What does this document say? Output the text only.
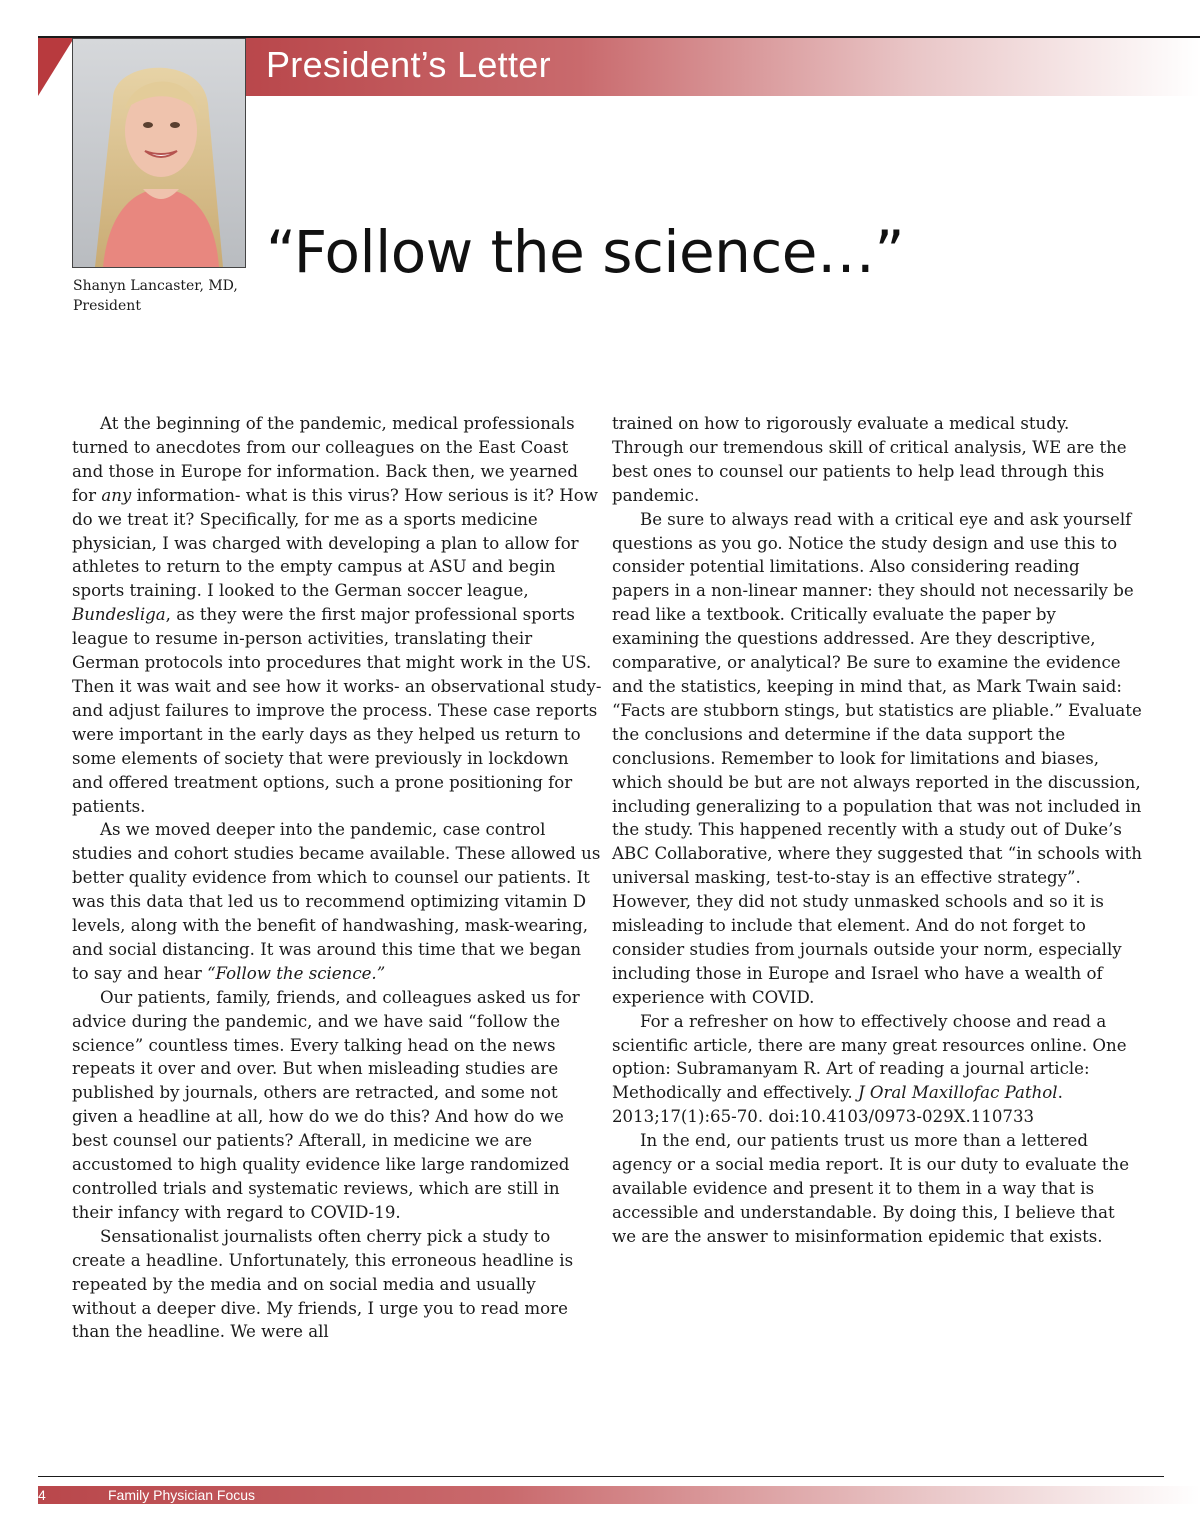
President’s Letter
Shanyn Lancaster, MD,
President
“Follow the science…”

At the beginning of the pandemic, medical professionals turned to anecdotes from our colleagues on the East Coast and those in Europe for information. Back then, we yearned for any information- what is this virus? How serious is it? How do we treat it? Specifically, for me as a sports medicine physician, I was charged with developing a plan to allow for athletes to return to the empty campus at ASU and begin sports training. I looked to the German soccer league, Bundesliga, as they were the first major professional sports league to resume in-person activities, translating their German protocols into procedures that might work in the US. Then it was wait and see how it works- an observational study- and adjust failures to improve the process. These case reports were important in the early days as they helped us return to some elements of society that were previously in lockdown and offered treatment options, such a prone positioning for patients.

As we moved deeper into the pandemic, case control studies and cohort studies became available. These allowed us better quality evidence from which to counsel our patients. It was this data that led us to recommend optimizing vitamin D levels, along with the benefit of handwashing, mask-wearing, and social distancing. It was around this time that we began to say and hear “Follow the science.”

Our patients, family, friends, and colleagues asked us for advice during the pandemic, and we have said “follow the science” countless times. Every talking head on the news repeats it over and over. But when misleading studies are published by journals, others are retracted, and some not given a headline at all, how do we do this? And how do we best counsel our patients? Afterall, in medicine we are accustomed to high quality evidence like large randomized controlled trials and systematic reviews, which are still in their infancy with regard to COVID-19.

Sensationalist journalists often cherry pick a study to create a headline. Unfortunately, this erroneous headline is repeated by the media and on social media and usually without a deeper dive. My friends, I urge you to read more than the headline. We were all

trained on how to rigorously evaluate a medical study. Through our tremendous skill of critical analysis, WE are the best ones to counsel our patients to help lead through this pandemic.

Be sure to always read with a critical eye and ask yourself questions as you go. Notice the study design and use this to consider potential limitations. Also considering reading papers in a non-linear manner: they should not necessarily be read like a textbook. Critically evaluate the paper by examining the questions addressed. Are they descriptive, comparative, or analytical? Be sure to examine the evidence and the statistics, keeping in mind that, as Mark Twain said: “Facts are stubborn stings, but statistics are pliable.” Evaluate the conclusions and determine if the data support the conclusions. Remember to look for limitations and biases, which should be but are not always reported in the discussion, including generalizing to a population that was not included in the study. This happened recently with a study out of Duke’s ABC Collaborative, where they suggested that “in schools with universal masking, test-to-stay is an effective strategy”. However, they did not study unmasked schools and so it is misleading to include that element. And do not forget to consider studies from journals outside your norm, especially including those in Europe and Israel who have a wealth of experience with COVID.

For a refresher on how to effectively choose and read a scientific article, there are many great resources online. One option: Subramanyam R. Art of reading a journal article: Methodically and effectively. J Oral Maxillofac Pathol. 2013;17(1):65-70. doi:10.4103/0973-029X.110733

In the end, our patients trust us more than a lettered agency or a social media report. It is our duty to evaluate the available evidence and present it to them in a way that is accessible and understandable. By doing this, I believe that we are the answer to misinformation epidemic that exists.

4	Family Physician Focus
